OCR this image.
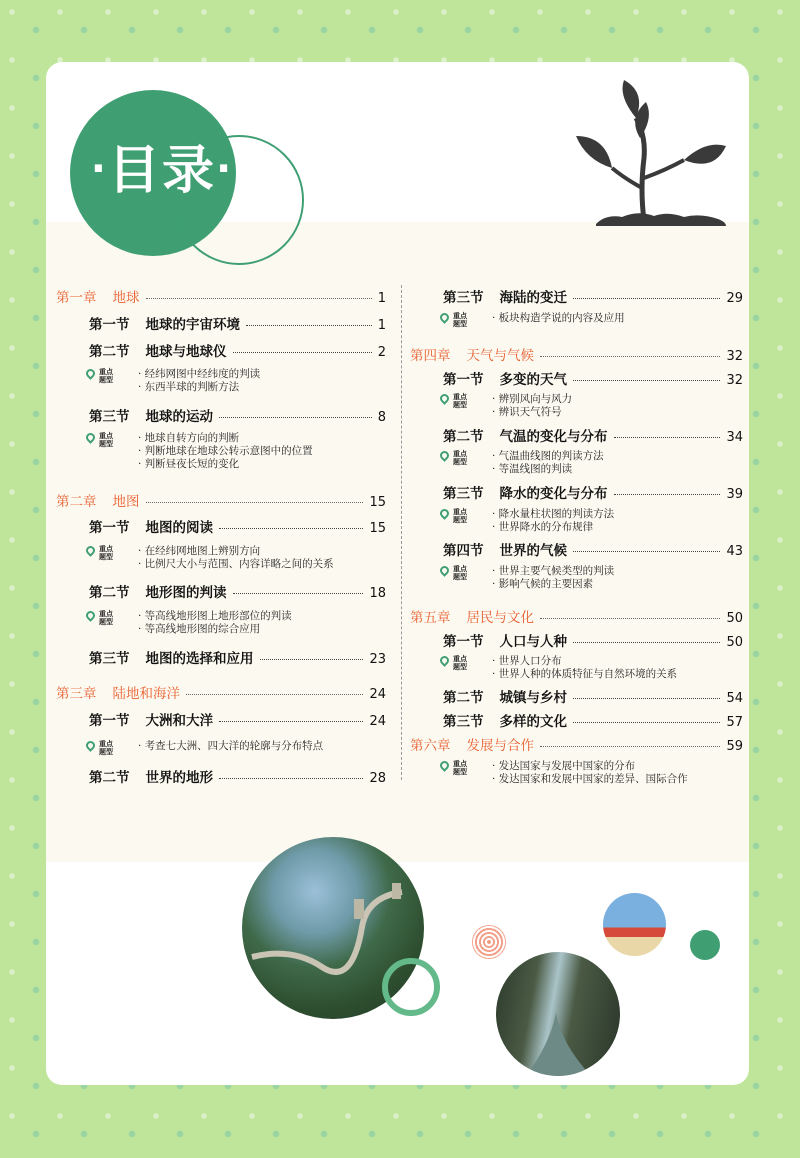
·目录·
第一章 地球	1
第一节 地球的宇宙环境	1
第二节 地球与地球仪	2
重点
题型	· 经纬网图中经纬度的判读
· 东西半球的判断方法
第三节 地球的运动	8
重点
题型	· 地球自转方向的判断
· 判断地球在地球公转示意图中的位置
· 判断昼夜长短的变化
第二章 地图	15
第一节 地图的阅读	15
重点
题型	· 在经纬网地图上辨别方向
· 比例尺大小与范围、内容详略之间的关系
第二节 地形图的判读	18
重点
题型	· 等高线地形图上地形部位的判读
· 等高线地形图的综合应用
第三节 地图的选择和应用	23
第三章 陆地和海洋	24
第一节 大洲和大洋	24
重点
题型	· 考查七大洲、四大洋的轮廓与分布特点
第二节 世界的地形	28
第三节 海陆的变迁	29
重点
题型	· 板块构造学说的内容及应用
第四章 天气与气候	32
第一节 多变的天气	32
重点
题型	· 辨别风向与风力
· 辨识天气符号
第二节 气温的变化与分布	34
重点
题型	· 气温曲线图的判读方法
· 等温线图的判读
第三节 降水的变化与分布	39
重点
题型	· 降水量柱状图的判读方法
· 世界降水的分布规律
第四节 世界的气候	43
重点
题型	· 世界主要气候类型的判读
· 影响气候的主要因素
第五章 居民与文化	50
第一节 人口与人种	50
重点
题型	· 世界人口分布
· 世界人种的体质特征与自然环境的关系
第二节 城镇与乡村	54
第三节 多样的文化	57
第六章 发展与合作	59
重点
题型	· 发达国家与发展中国家的分布
· 发达国家和发展中国家的差异、国际合作
